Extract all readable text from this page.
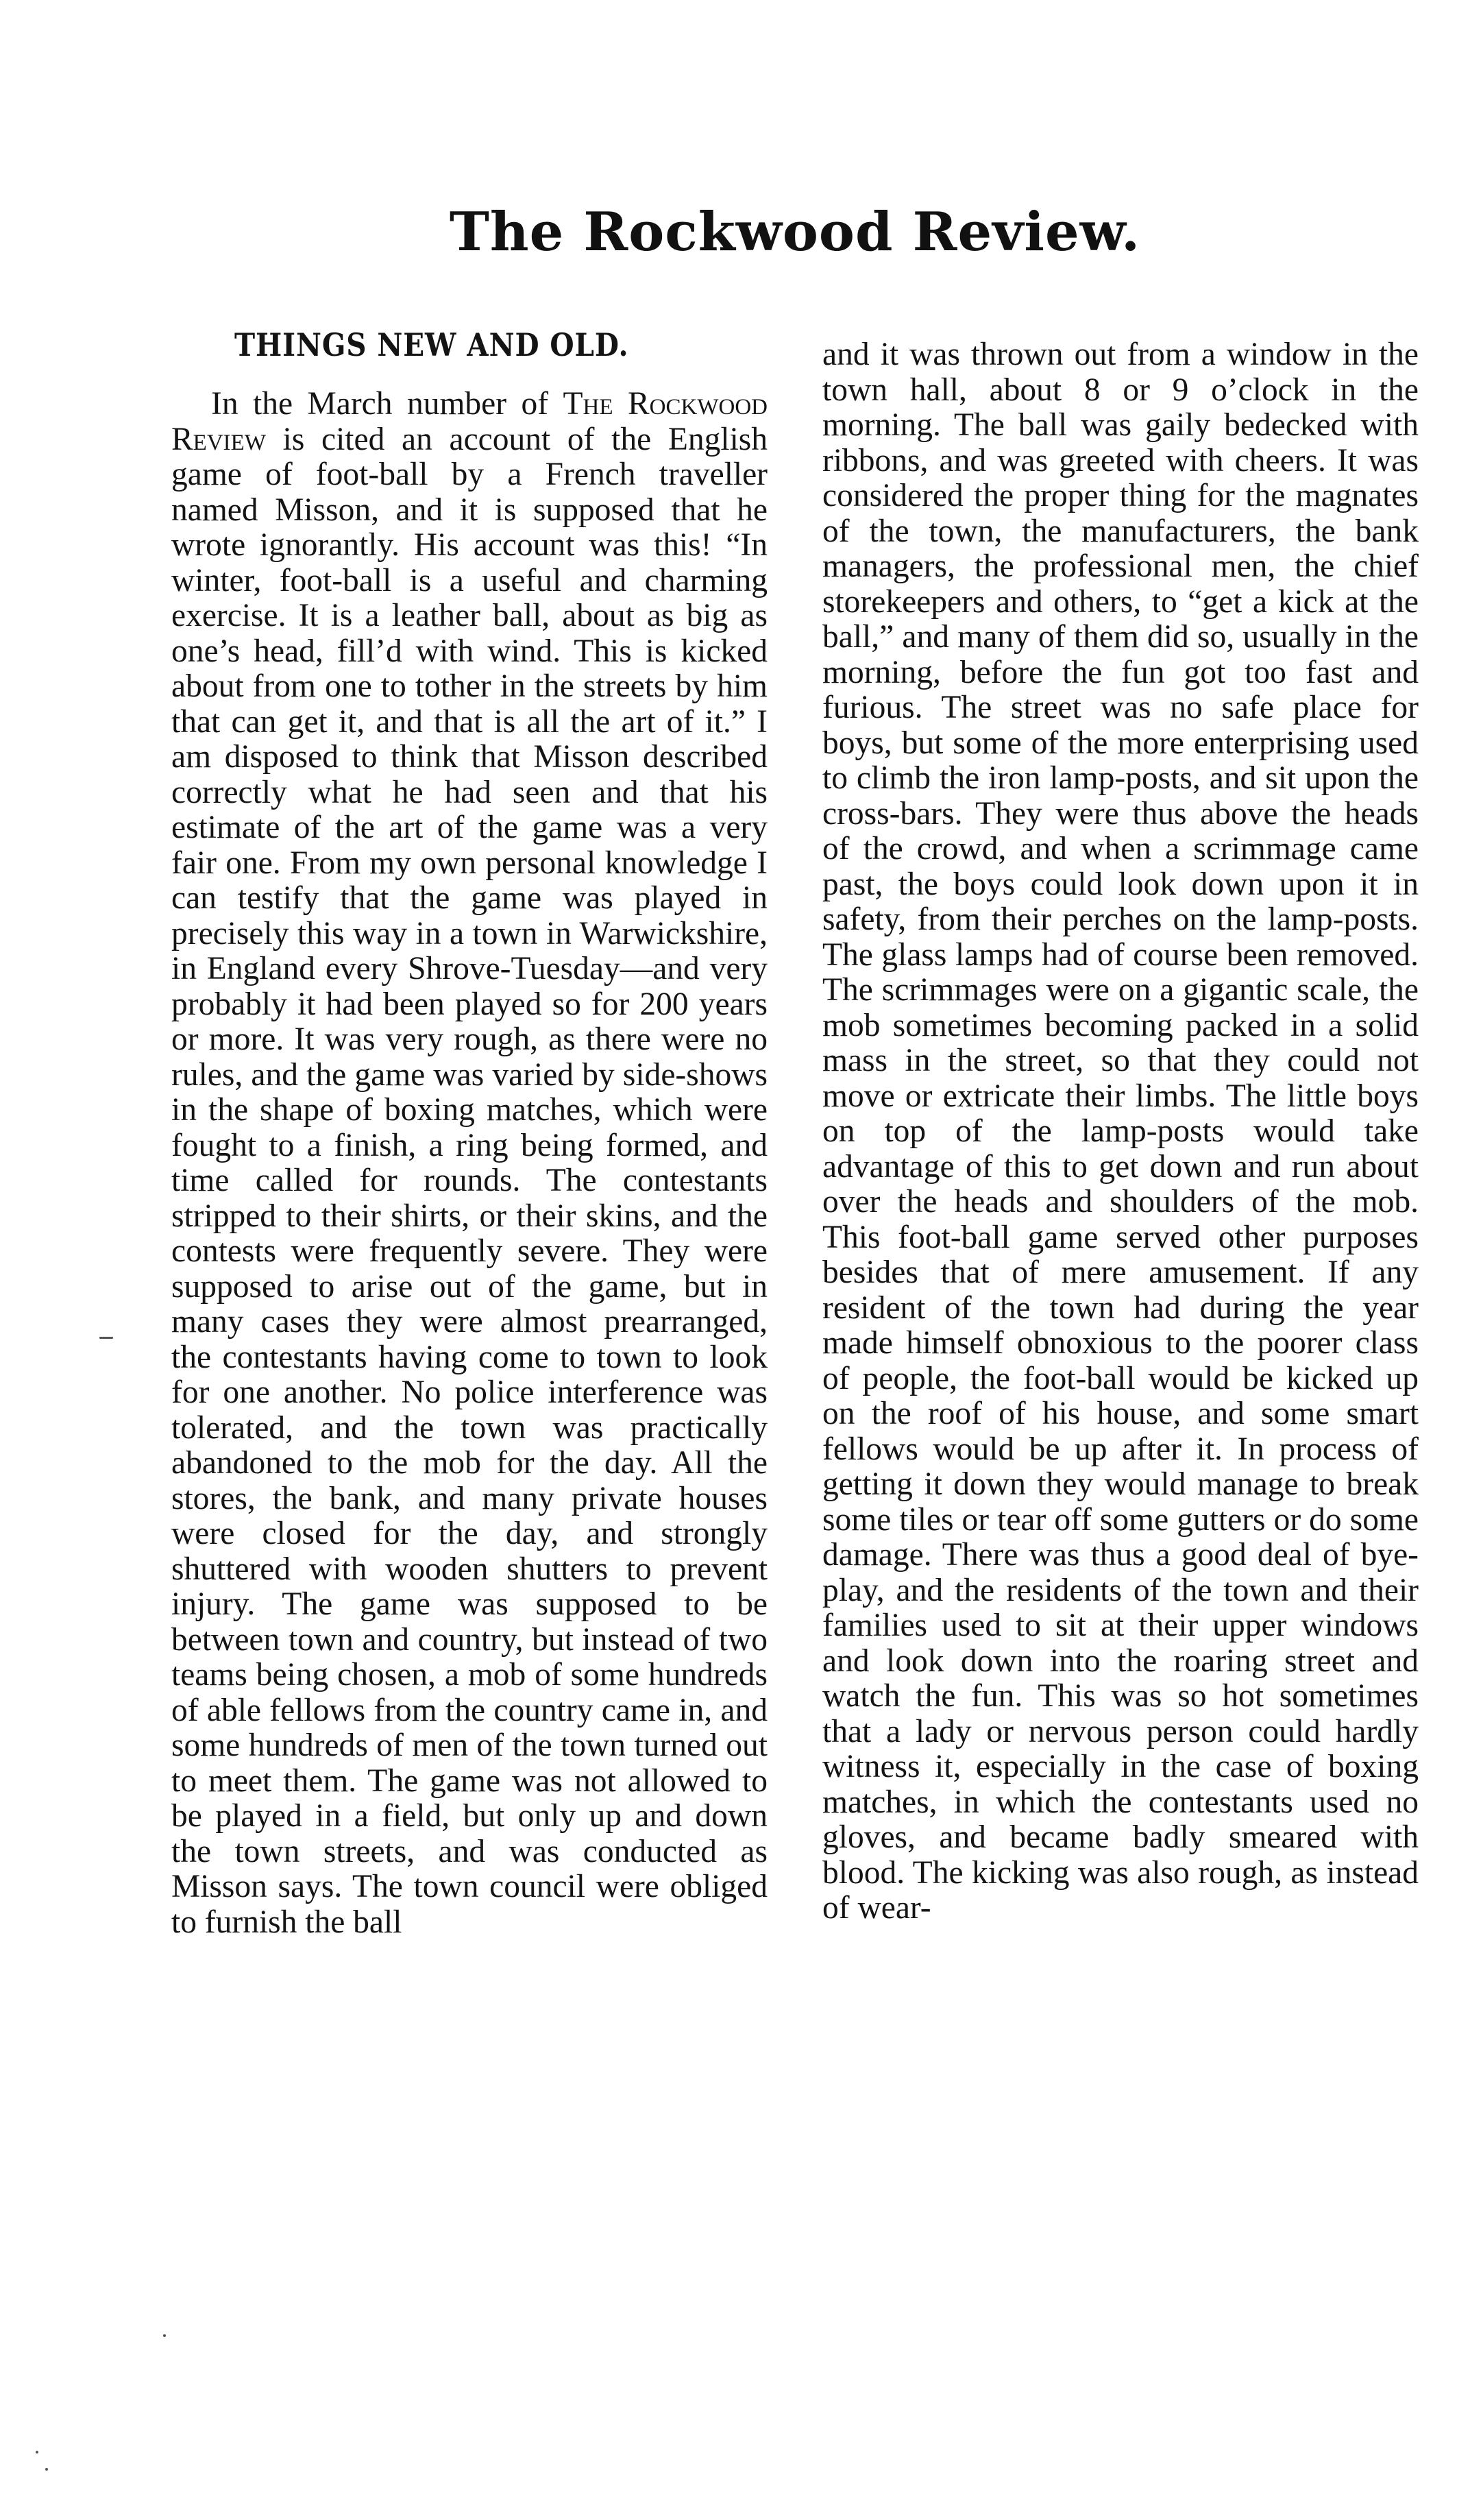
The Rockwood Review.
THINGS NEW AND OLD.

In the March number of The Rockwood Review is cited an account of the English game of foot-ball by a French traveller named Misson, and it is supposed that he wrote ignorantly. His account was this! “In winter, foot-ball is a useful and charming exercise. It is a leather ball, about as big as one’s head, fill’d with wind. This is kicked about from one to tother in the streets by him that can get it, and that is all the art of it.” I am disposed to think that Misson described correctly what he had seen and that his estimate of the art of the game was a very fair one. From my own personal knowledge I can testify that the game was played in precisely this way in a town in Warwickshire, in England every Shrove-Tuesday—and very probably it had been played so for 200 years or more. It was very rough, as there were no rules, and the game was varied by side-shows in the shape of boxing matches, which were fought to a finish, a ring being formed, and time called for rounds. The contestants stripped to their shirts, or their skins, and the contests were frequently severe. They were supposed to arise out of the game, but in many cases they were almost prearranged, the contestants having come to town to look for one another. No police interference was tolerated, and the town was practically abandoned to the mob for the day. All the stores, the bank, and many private houses were closed for the day, and strongly shuttered with wooden shutters to prevent injury. The game was supposed to be between town and country, but instead of two teams being chosen, a mob of some hundreds of able fellows from the country came in, and some hundreds of men of the town turned out to meet them. The game was not allowed to be played in a field, but only up and down the town streets, and was conducted as Misson says. The town council were obliged to furnish the ball

and it was thrown out from a window in the town hall, about 8 or 9 o’clock in the morning. The ball was gaily bedecked with ribbons, and was greeted with cheers. It was considered the proper thing for the magnates of the town, the manufacturers, the bank managers, the professional men, the chief storekeepers and others, to “get a kick at the ball,” and many of them did so, usually in the morning, before the fun got too fast and furious. The street was no safe place for boys, but some of the more enterprising used to climb the iron lamp-posts, and sit upon the cross-bars. They were thus above the heads of the crowd, and when a scrimmage came past, the boys could look down upon it in safety, from their perches on the lamp-posts. The glass lamps had of course been removed. The scrimmages were on a gigantic scale, the mob sometimes becoming packed in a solid mass in the street, so that they could not move or extricate their limbs. The little boys on top of the lamp-posts would take advantage of this to get down and run about over the heads and shoulders of the mob. This foot-ball game served other purposes besides that of mere amusement. If any resident of the town had during the year made himself obnoxious to the poorer class of people, the foot-ball would be kicked up on the roof of his house, and some smart fellows would be up after it. In process of getting it down they would manage to break some tiles or tear off some gutters or do some damage. There was thus a good deal of bye-play, and the residents of the town and their families used to sit at their upper windows and look down into the roaring street and watch the fun. This was so hot sometimes that a lady or nervous person could hardly witness it, especially in the case of boxing matches, in which the contestants used no gloves, and became badly smeared with blood. The kicking was also rough, as instead of wear-
